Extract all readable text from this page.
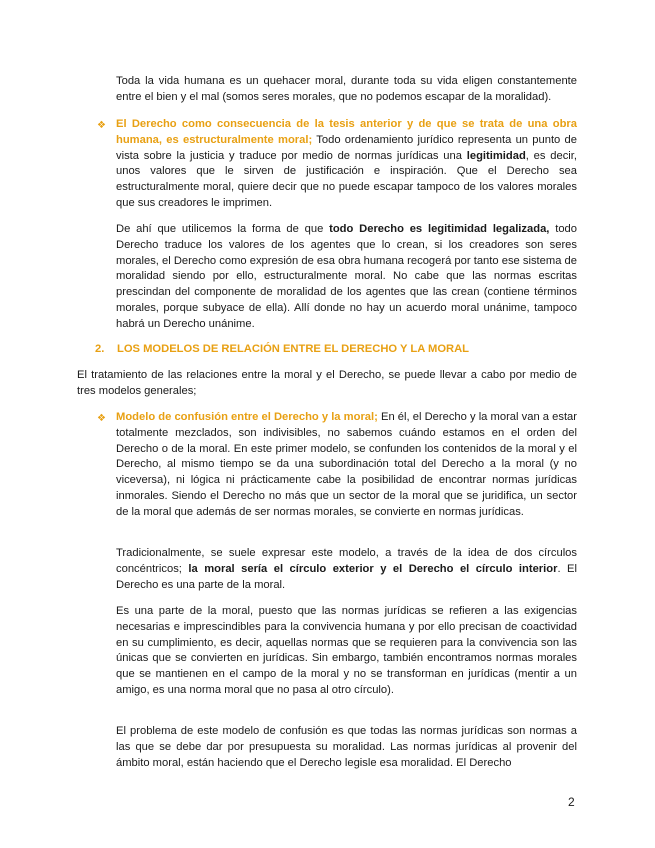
Toda la vida humana es un quehacer moral, durante toda su vida eligen constantemente entre el bien y el mal (somos seres morales, que no podemos escapar de la moralidad).

❖ El Derecho como consecuencia de la tesis anterior y de que se trata de una obra humana, es estructuralmente moral; Todo ordenamiento jurídico representa un punto de vista sobre la justicia y traduce por medio de normas jurídicas una legitimidad, es decir, unos valores que le sirven de justificación e inspiración. Que el Derecho sea estructuralmente moral, quiere decir que no puede escapar tampoco de los valores morales que sus creadores le imprimen.

De ahí que utilicemos la forma de que todo Derecho es legitimidad legalizada, todo Derecho traduce los valores de los agentes que lo crean, si los creadores son seres morales, el Derecho como expresión de esa obra humana recogerá por tanto ese sistema de moralidad siendo por ello, estructuralmente moral. No cabe que las normas escritas prescindan del componente de moralidad de los agentes que las crean (contiene términos morales, porque subyace de ella). Allí donde no hay un acuerdo moral unánime, tampoco habrá un Derecho unánime.

2. LOS MODELOS DE RELACIÓN ENTRE EL DERECHO Y LA MORAL

El tratamiento de las relaciones entre la moral y el Derecho, se puede llevar a cabo por medio de tres modelos generales;

❖ Modelo de confusión entre el Derecho y la moral; En él, el Derecho y la moral van a estar totalmente mezclados, son indivisibles, no sabemos cuándo estamos en el orden del Derecho o de la moral. En este primer modelo, se confunden los contenidos de la moral y el Derecho, al mismo tiempo se da una subordinación total del Derecho a la moral (y no viceversa), ni lógica ni prácticamente cabe la posibilidad de encontrar normas jurídicas inmorales. Siendo el Derecho no más que un sector de la moral que se juridifica, un sector de la moral que además de ser normas morales, se convierte en normas jurídicas.

Tradicionalmente, se suele expresar este modelo, a través de la idea de dos círculos concéntricos; la moral sería el círculo exterior y el Derecho el círculo interior. El Derecho es una parte de la moral.

Es una parte de la moral, puesto que las normas jurídicas se refieren a las exigencias necesarias e imprescindibles para la convivencia humana y por ello precisan de coactividad en su cumplimiento, es decir, aquellas normas que se requieren para la convivencia son las únicas que se convierten en jurídicas. Sin embargo, también encontramos normas morales que se mantienen en el campo de la moral y no se transforman en jurídicas (mentir a un amigo, es una norma moral que no pasa al otro círculo).

El problema de este modelo de confusión es que todas las normas jurídicas son normas a las que se debe dar por presupuesta su moralidad. Las normas jurídicas al provenir del ámbito moral, están haciendo que el Derecho legisle esa moralidad. El Derecho

2
